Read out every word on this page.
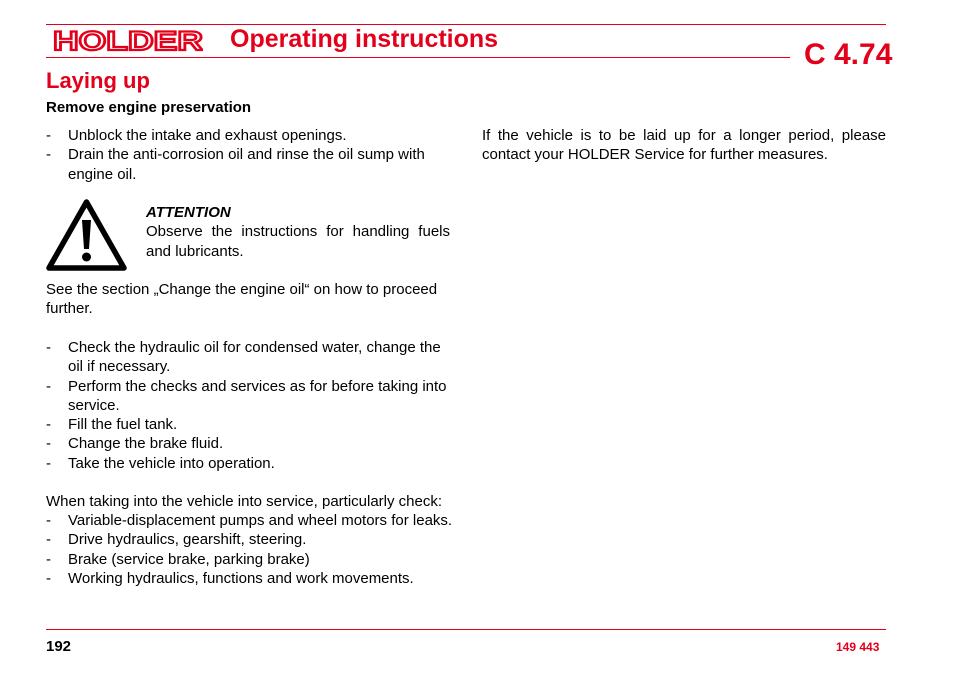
HOLDER Operating instructions	C 4.74
Laying up
Remove engine preservation
- Unblock the intake and exhaust openings.
- Drain the anti-corrosion oil and rinse the oil sump with engine oil.
ATTENTION

Observe the instructions for handling fuels and lubricants.

See the section „Change the engine oil“ on how to proceed further.

- Check the hydraulic oil for condensed water, change the oil if necessary.
- Perform the checks and services as for before taking into service.
- Fill the fuel tank.
- Change the brake fluid.
- Take the vehicle into operation.

When taking into the vehicle into service, particularly check:

- Variable-displacement pumps and wheel motors for leaks.
- Drive hydraulics, gearshift, steering.
- Brake (service brake, parking brake)
- Working hydraulics, functions and work movements.

If the vehicle is to be laid up for a longer period, please contact your HOLDER Service for further measures.

192	149 443
